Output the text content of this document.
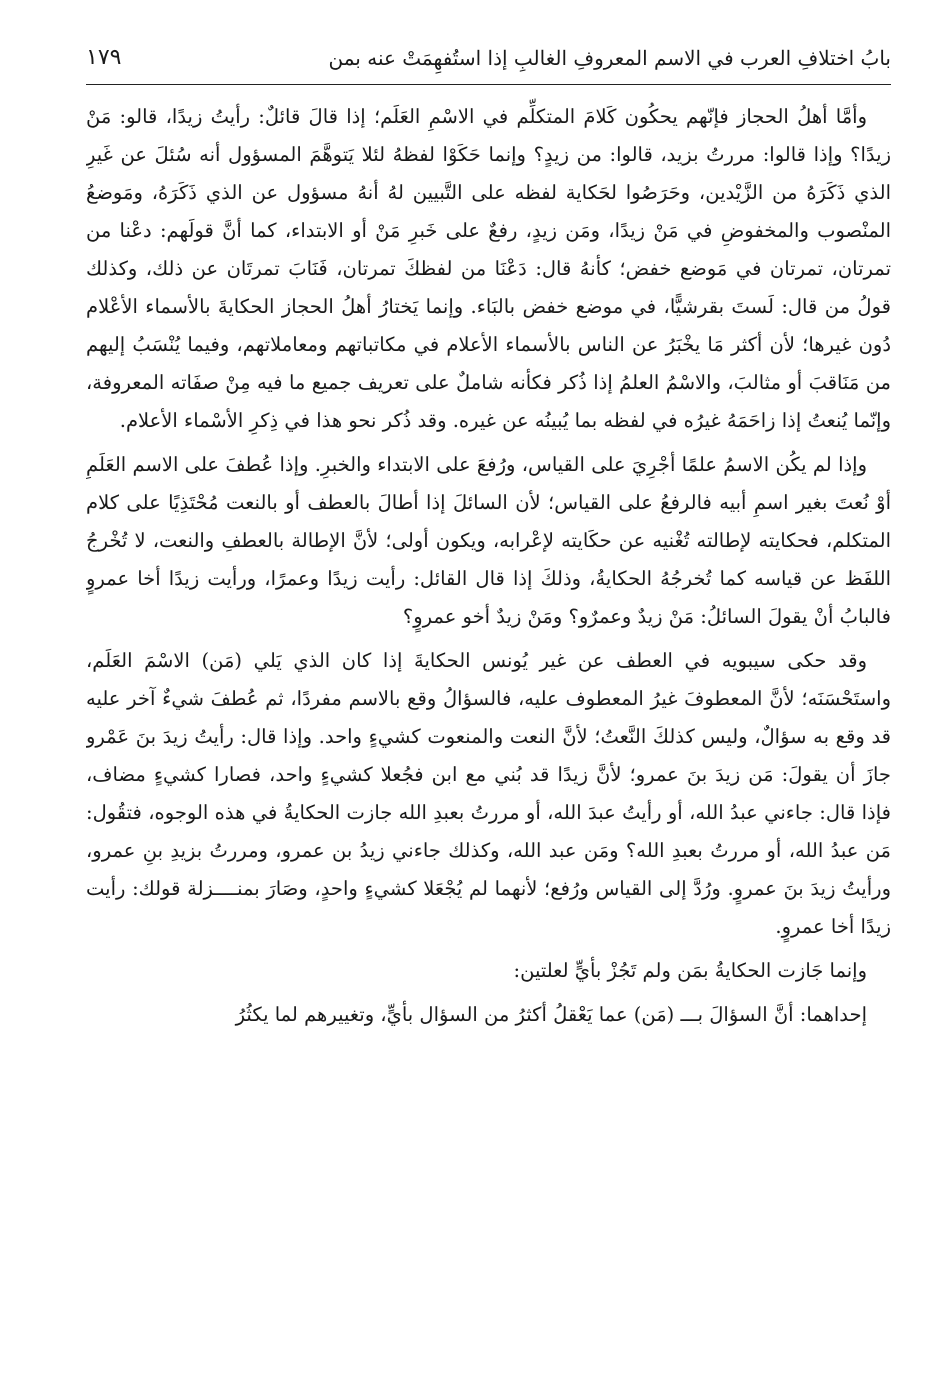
بابُ اختلافِ العرب في الاسم المعروفِ الغالبِ إذا استُفهِمَتْ عنه بمن
١٧٩

وأمَّا أهلُ الحجاز فإنّهم يحكُون كَلامَ المتكلِّم في الاسْمِ العَلَم؛ إذا قالَ قائلٌ: رأيتُ زيدًا، قالو: مَنْ زيدًا؟ وإذا قالوا: مررتُ بزيد، قالوا: من زيدٍ؟ وإنما حَكَوْا لفظهُ لئلا يَتوهَّمَ المسؤول أنه سُئلَ عن غَيرِ الذي ذَكَرَهُ من الزَّيْدين، وحَرَصُوا لحَكاية لفظه على التَّبيين لهُ أنهُ مسؤول عن الذي ذَكَرَهُ، ومَوضعُ المنْصوب والمخفوضِ في مَنْ زيدًا، ومَن زيدٍ، رفعٌ على خَبرِ مَنْ أو الابتداء، كما أنَّ قولَهم: دعْنا من تمرتان، تمرتان في مَوضع خفض؛ كأنهُ قال: دَعْنَا من لفظكَ تمرتان، فَنَابَ تمرتَان عن ذلك، وكذلك قولُ من قال: لَستَ بقرشيًّا، في موضع خفض بالبَاء. وإنما يَختارُ أهلُ الحجاز الحكايةَ بالأسماء الأعْلام دُون غيرها؛ لأن أكثر مَا يخْبَرُ عن الناس بالأسماء الأعلام في مكاتباتهم ومعاملاتهم، وفيما يُنْسَبُ إليهم من مَنَاقبَ أو مثالبَ، والاسْمُ العلمُ إذا ذُكر فكأنه شاملٌ على تعريف جميع ما فيه مِنْ صفَاته المعروفة، وإنّما يُنعتُ إذا زاحَمَهُ غيرُه في لفظه بما يُبينُه عن غيره. وقد ذُكر نحو هذا في ذِكرِ الأسْماء الأعلام.

وإذا لم يكُن الاسمُ علمًا أجْرِيَ على القياس، ورُفعَ على الابتداء والخبرِ. وإذا عُطفَ على الاسم العَلَمِ أوْ نُعتَ بغير اسمِ أبيه فالرفعُ على القياس؛ لأن السائلَ إذا أطالَ بالعطف أو بالنعت مُحْتَذِيًا على كلام المتكلم، فحكايته لإطالته تُغْنيه عن حكَايته لإعْرابه، ويكون أولى؛ لأنَّ الإطالة بالعطفِ والنعت، لا تُخْرجُ اللفَظ عن قياسه كما تُخرجُهُ الحكايةُ، وذلكَ إذا قال القائل: رأيت زيدًا وعمرًا، ورأيت زيدًا أخا عمروٍ فالبابُ أنْ يقولَ السائلُ: مَنْ زيدٌ وعمرٌو؟ ومَنْ زيدٌ أخو عمروٍ؟

وقد حكى سيبويه في العطف عن غير يُونس الحكايةَ إذا كان الذي يَلي (مَن) الاسْمَ العَلَم، واستَحْسَنَه؛ لأنَّ المعطوفَ غيرُ المعطوف عليه، فالسؤالُ وقع بالاسم مفردًا، ثم عُطفَ شيءٌ آخر عليه قد وقع به سؤالٌ، وليس كذلكَ النَّعتُ؛ لأنَّ النعت والمنعوت كشيءٍ واحد. وإذا قال: رأيتُ زيدَ بنَ عَمْرو جازَ أن يقولَ: مَن زيدَ بنَ عمرو؛ لأنَّ زيدًا قد بُني مع ابن فجُعلا كشيءٍ واحد، فصارا كشيءٍ مضاف، فإذا قال: جاءني عبدُ الله، أو رأيتُ عبدَ الله، أو مررتُ بعبدِ الله جازت الحكايةُ في هذه الوجوه، فتقُول: مَن عبدُ الله، أو مررتُ بعبدِ الله؟ ومَن عبد الله، وكذلك جاءني زيدُ بن عمرو، ومررتُ بزيدِ بنِ عمرو، ورأيتُ زيدَ بنَ عمروٍ. ورُدَّ إلى القياس ورُفع؛ لأنهما لم يُجْعَلا كشيءٍ واحدٍ، وصَارَ بمنــــزلة قولك: رأيت زيدًا أخا عمروٍ.

وإنما جَازت الحكايةُ بمَن ولم تَجُزْ بأيٍّ لعلتين:

إحداهما: أنَّ السؤالَ بـــ (مَن) عما يَعْقلُ أكثرُ من السؤال بأيٍّ، وتغييرهم لما يكثُرُ
